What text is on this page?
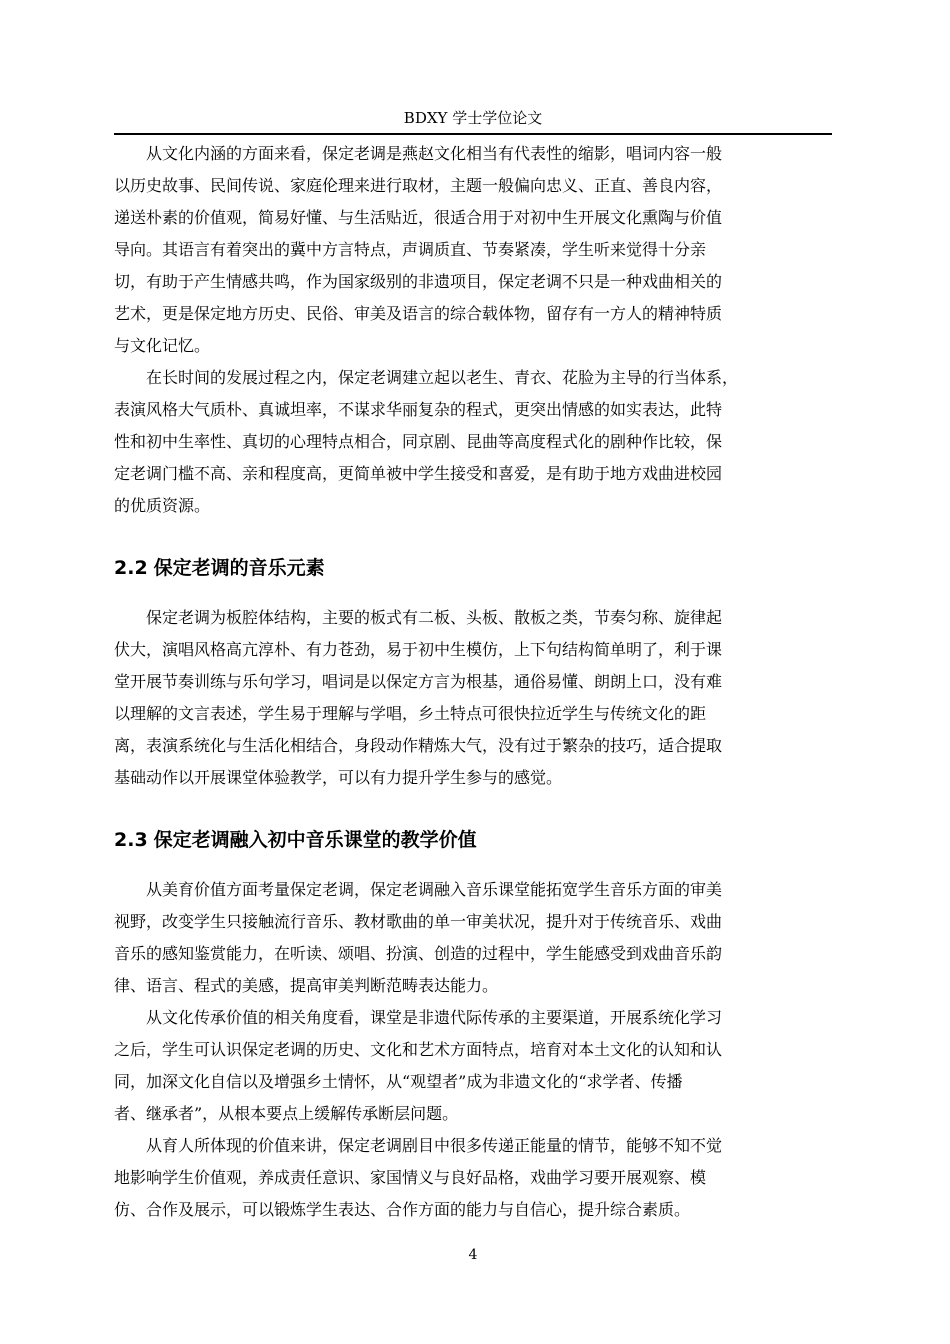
BDXY 学士学位论文

从文化内涵的方面来看，保定老调是燕赵文化相当有代表性的缩影，唱词内容一般
以历史故事、民间传说、家庭伦理来进行取材，主题一般偏向忠义、正直、善良内容，
递送朴素的价值观，简易好懂、与生活贴近，很适合用于对初中生开展文化熏陶与价值
导向。其语言有着突出的冀中方言特点，声调质直、节奏紧凑，学生听来觉得十分亲
切，有助于产生情感共鸣，作为国家级别的非遗项目，保定老调不只是一种戏曲相关的
艺术，更是保定地方历史、民俗、审美及语言的综合载体物，留存有一方人的精神特质
与文化记忆。

在长时间的发展过程之内，保定老调建立起以老生、青衣、花脸为主导的行当体系，
表演风格大气质朴、真诚坦率，不谋求华丽复杂的程式，更突出情感的如实表达，此特
性和初中生率性、真切的心理特点相合，同京剧、昆曲等高度程式化的剧种作比较，保
定老调门槛不高、亲和程度高，更简单被中学生接受和喜爱，是有助于地方戏曲进校园
的优质资源。

2.2 保定老调的音乐元素

保定老调为板腔体结构，主要的板式有二板、头板、散板之类，节奏匀称、旋律起
伏大，演唱风格高亢淳朴、有力苍劲，易于初中生模仿，上下句结构简单明了，利于课
堂开展节奏训练与乐句学习，唱词是以保定方言为根基，通俗易懂、朗朗上口，没有难
以理解的文言表述，学生易于理解与学唱，乡土特点可很快拉近学生与传统文化的距
离，表演系统化与生活化相结合，身段动作精炼大气，没有过于繁杂的技巧，适合提取
基础动作以开展课堂体验教学，可以有力提升学生参与的感觉。

2.3 保定老调融入初中音乐课堂的教学价值

从美育价值方面考量保定老调，保定老调融入音乐课堂能拓宽学生音乐方面的审美
视野，改变学生只接触流行音乐、教材歌曲的单一审美状况，提升对于传统音乐、戏曲
音乐的感知鉴赏能力，在听读、颂唱、扮演、创造的过程中，学生能感受到戏曲音乐韵
律、语言、程式的美感，提高审美判断范畴表达能力。

从文化传承价值的相关角度看，课堂是非遗代际传承的主要渠道，开展系统化学习
之后，学生可认识保定老调的历史、文化和艺术方面特点，培育对本土文化的认知和认
同，加深文化自信以及增强乡土情怀，从“观望者”成为非遗文化的“求学者、传播
者、继承者”，从根本要点上缓解传承断层问题。

从育人所体现的价值来讲，保定老调剧目中很多传递正能量的情节，能够不知不觉
地影响学生价值观，养成责任意识、家国情义与良好品格，戏曲学习要开展观察、模
仿、合作及展示，可以锻炼学生表达、合作方面的能力与自信心，提升综合素质。

4
